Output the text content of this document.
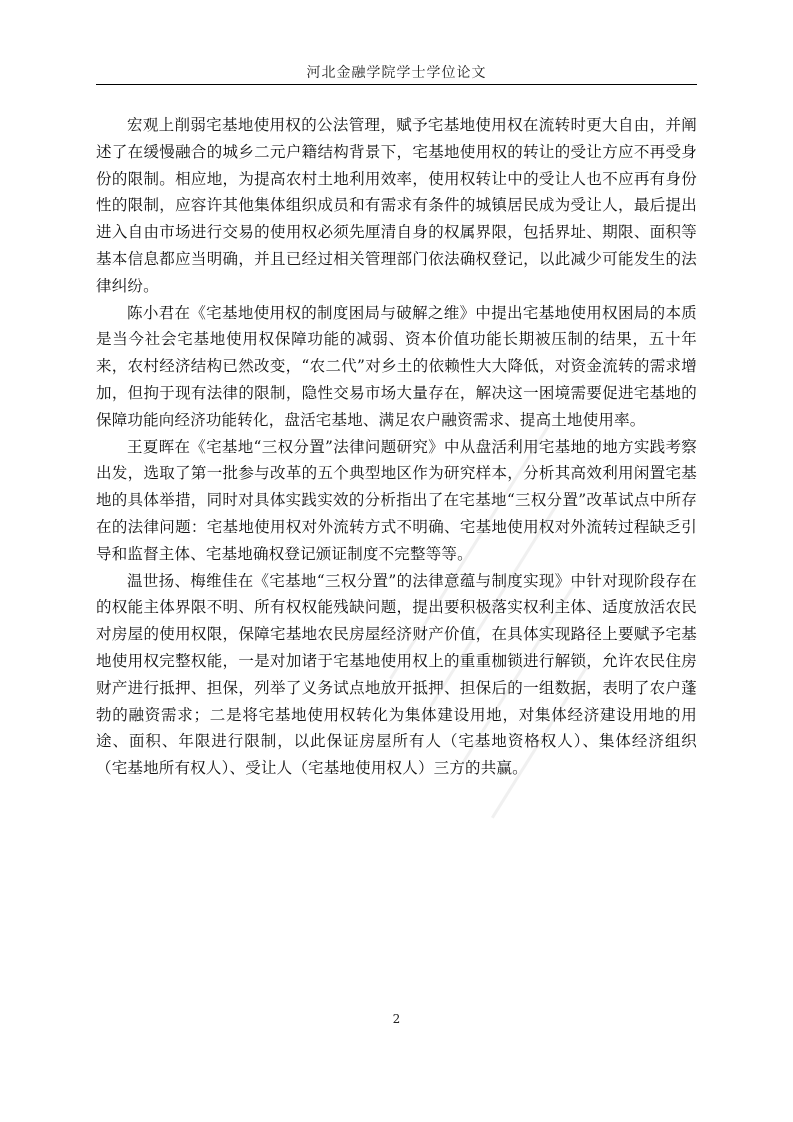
河北金融学院学士学位论文

宏观上削弱宅基地使用权的公法管理，赋予宅基地使用权在流转时更大自由，并阐述了在缓慢融合的城乡二元户籍结构背景下，宅基地使用权的转让的受让方应不再受身份的限制。相应地，为提高农村土地利用效率，使用权转让中的受让人也不应再有身份性的限制，应容许其他集体组织成员和有需求有条件的城镇居民成为受让人，最后提出进入自由市场进行交易的使用权必须先厘清自身的权属界限，包括界址、期限、面积等基本信息都应当明确，并且已经过相关管理部门依法确权登记，以此减少可能发生的法律纠纷。

陈小君在《宅基地使用权的制度困局与破解之维》中提出宅基地使用权困局的本质是当今社会宅基地使用权保障功能的减弱、资本价值功能长期被压制的结果，五十年来，农村经济结构已然改变，“农二代”对乡土的依赖性大大降低，对资金流转的需求增加，但拘于现有法律的限制，隐性交易市场大量存在，解决这一困境需要促进宅基地的保障功能向经济功能转化，盘活宅基地、满足农户融资需求、提高土地使用率。

王夏晖在《宅基地“三权分置”法律问题研究》中从盘活利用宅基地的地方实践考察出发，选取了第一批参与改革的五个典型地区作为研究样本，分析其高效利用闲置宅基地的具体举措，同时对具体实践实效的分析指出了在宅基地“三权分置”改革试点中所存在的法律问题：宅基地使用权对外流转方式不明确、宅基地使用权对外流转过程缺乏引导和监督主体、宅基地确权登记颁证制度不完整等等。

温世扬、梅维佳在《宅基地“三权分置”的法律意蕴与制度实现》中针对现阶段存在的权能主体界限不明、所有权权能残缺问题，提出要积极落实权利主体、适度放活农民对房屋的使用权限，保障宅基地农民房屋经济财产价值，在具体实现路径上要赋予宅基地使用权完整权能，一是对加诸于宅基地使用权上的重重枷锁进行解锁，允许农民住房财产进行抵押、担保，列举了义务试点地放开抵押、担保后的一组数据，表明了农户蓬勃的融资需求；二是将宅基地使用权转化为集体建设用地，对集体经济建设用地的用途、面积、年限进行限制，以此保证房屋所有人（宅基地资格权人）、集体经济组织（宅基地所有权人）、受让人（宅基地使用权人）三方的共赢。

2
